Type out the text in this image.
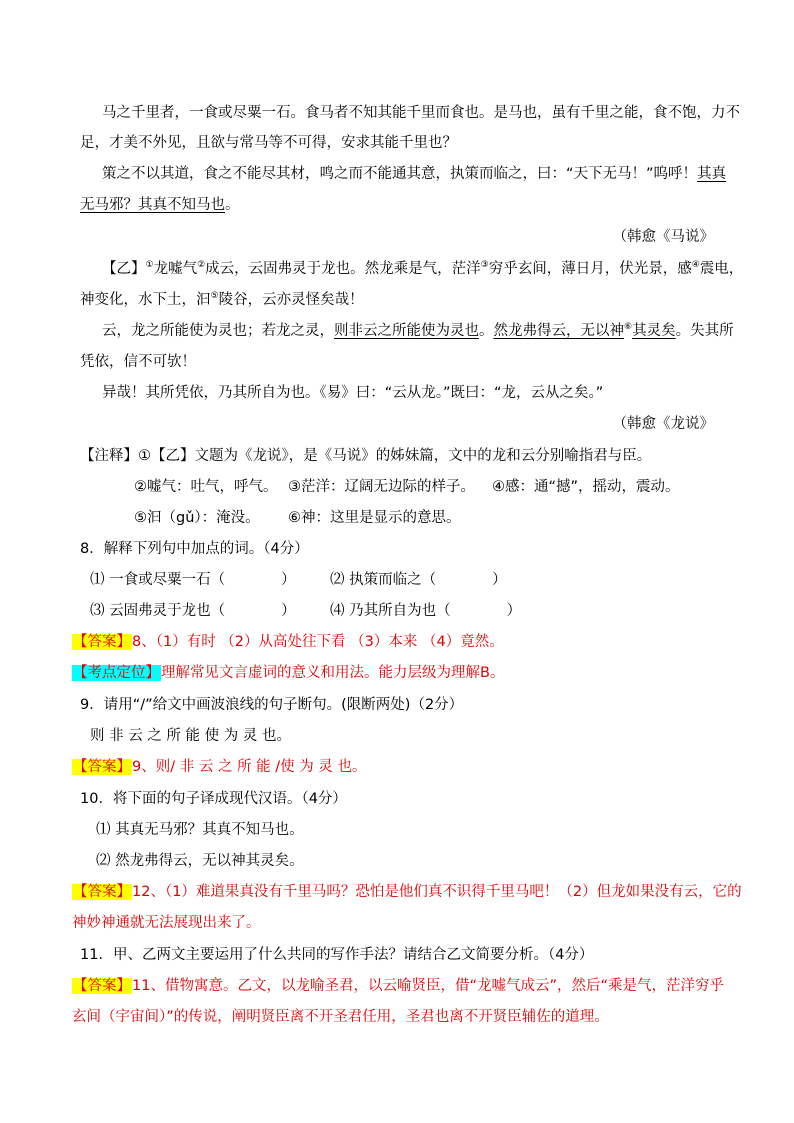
马之千里者，一食或尽粟一石。食马者不知其能千里而食也。是马也，虽有千里之能，食不饱，力不
足，才美不外见，且欲与常马等不可得，安求其能千里也？
策之不以其道，食之不能尽其材，鸣之而不能通其意，执策而临之，曰：“天下无马！”呜呼！其真
无马邪？其真不知马也。
（韩愈《马说》
【乙】①龙嘘气②成云，云固弗灵于龙也。然龙乘是气，茫洋③穷乎玄间，薄日月，伏光景，感④震电，
神变化，水下土，汩⑤陵谷，云亦灵怪矣哉！
云，龙之所能使为灵也；若龙之灵，则非云之所能使为灵也。然龙弗得云，无以神⑥其灵矣。失其所
凭依，信不可欤！
异哉！其所凭依，乃其所自为也。《易》曰：“云从龙。”既曰：“龙，云从之矣。”
（韩愈《龙说》
【注释】①【乙】文题为《龙说》，是《马说》的姊妹篇，文中的龙和云分别喻指君与臣。
②嘘气：吐气，呼气。 ③茫洋：辽阔无边际的样子。 ④感：通“撼”，摇动，震动。
⑤汩（gǔ）：淹没。 ⑥神：这里是显示的意思。
8．解释下列句中加点的词。（4分）
⑴ 一食或尽粟一石（	） ⑵ 执策而临之（	）
⑶ 云固弗灵于龙也（	） ⑷ 乃其所自为也（	）
【答案】8、（1）有时 （2）从高处往下看 （3）本来 （4）竟然。
【考点定位】理解常见文言虚词的意义和用法。能力层级为理解B。
9．请用“/”给文中画波浪线的句子断句。(限断两处)（2分）
则 非 云 之 所 能 使 为 灵 也。
【答案】9、则/ 非 云 之 所 能 /使 为 灵 也。
10．将下面的句子译成现代汉语。（4分）
⑴ 其真无马邪？其真不知马也。
⑵ 然龙弗得云，无以神其灵矣。
【答案】12、（1）难道果真没有千里马吗？恐怕是他们真不识得千里马吧！（2）但龙如果没有云，它的
神妙神通就无法展现出来了。
11．甲、乙两文主要运用了什么共同的写作手法？请结合乙文简要分析。（4分）
【答案】11、借物寓意。乙文，以龙喻圣君，以云喻贤臣，借“龙嘘气成云”，然后“乘是气，茫洋穷乎
玄间（宇宙间）”的传说，阐明贤臣离不开圣君任用，圣君也离不开贤臣辅佐的道理。
